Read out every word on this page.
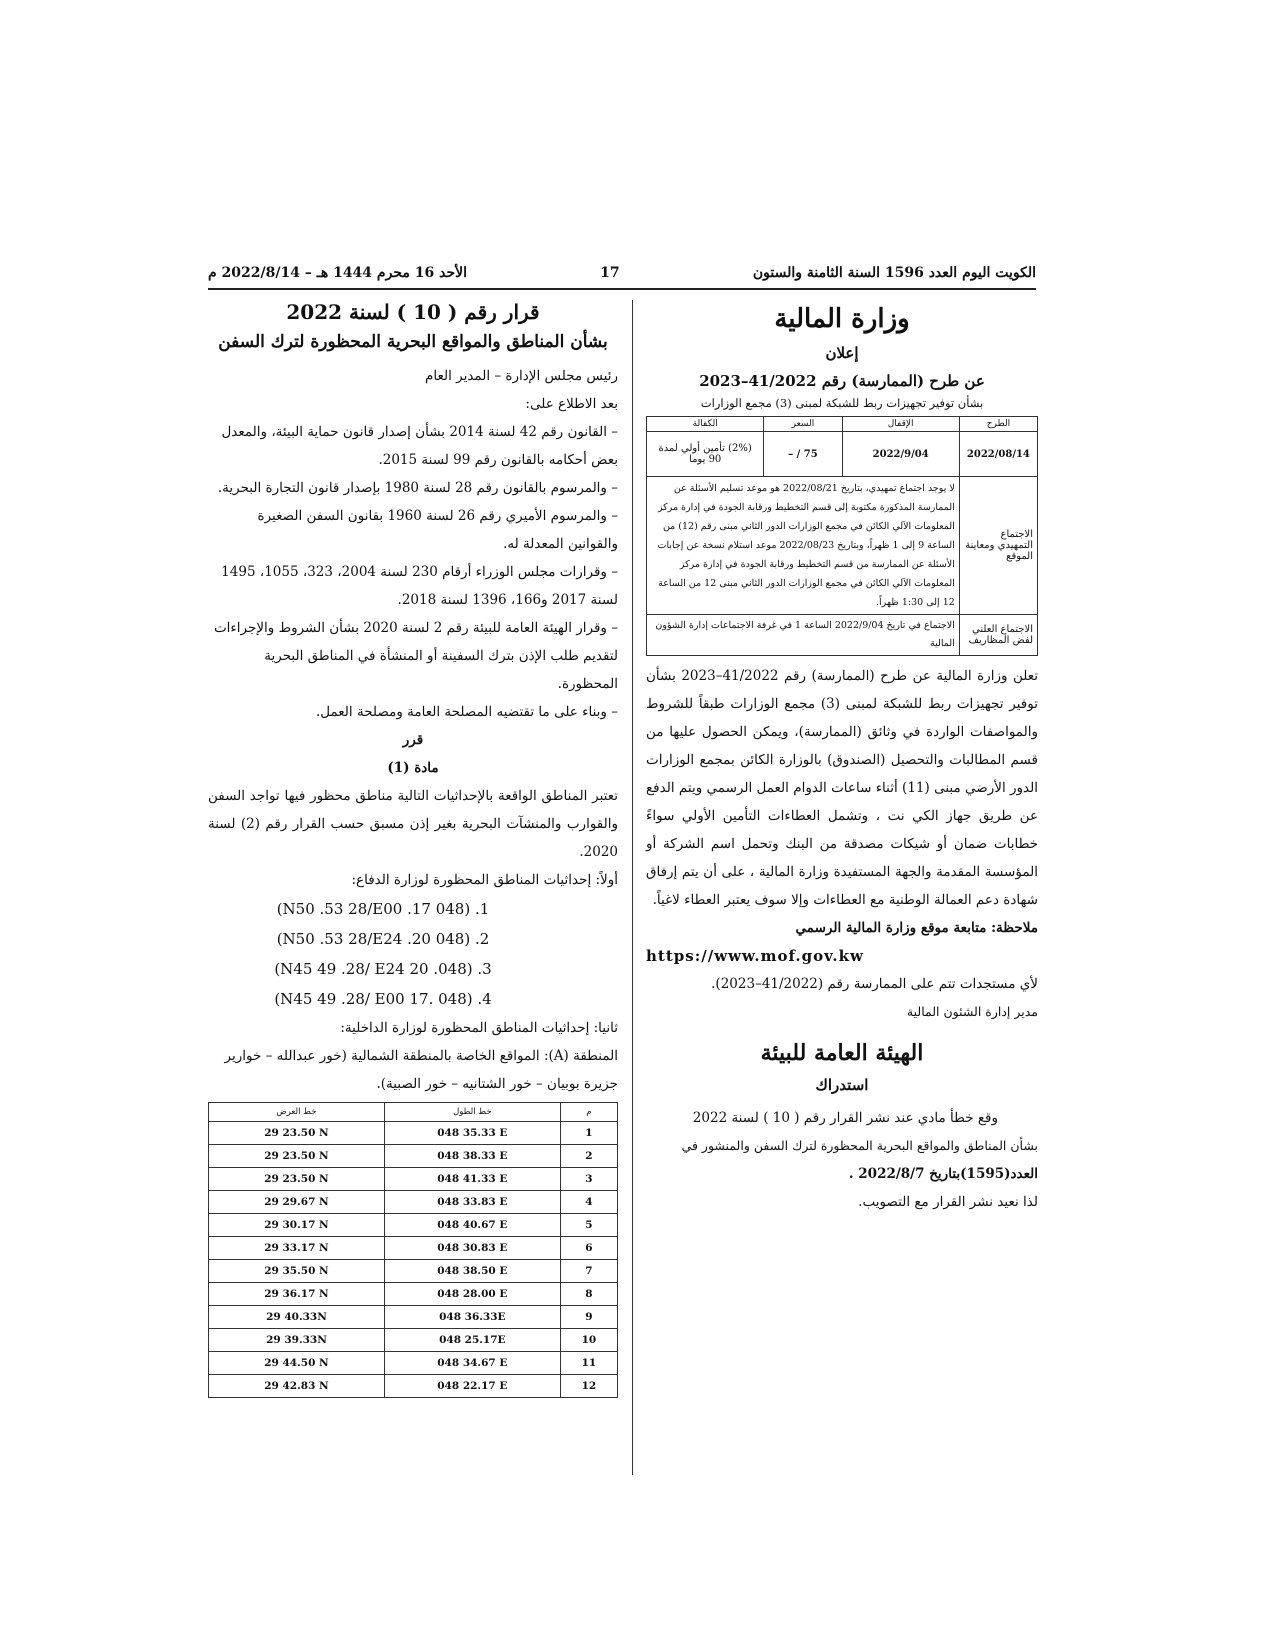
الكويت اليوم العدد 1596 السنة الثامنة والستون
17
الأحد 16 محرم 1444 هـ – 2022/8/14 م
وزارة المالية
إعلان
عن طرح (الممارسة) رقم 41/2022–2023
بشأن توفير تجهيزات ربط للشبكة لمبنى (3) مجمع الوزارات
الطرح	الإقفال	السعر	الكفالة
2022/08/14	2022/9/04	75 / –	(2%) تأمين أولي لمدة 90 يوما
الاجتماع التمهيدي ومعاينة الموقع	لا يوجد اجتماع تمهيدي، بتاريخ 2022/08/21 هو موعد تسليم الأسئلة عن الممارسة المذكورة مكتوبة إلى قسم التخطيط ورقابة الجودة في إدارة مركز المعلومات الآلي الكائن في مجمع الوزارات الدور الثاني مبنى رقم (12) من الساعة 9 إلى 1 ظهراً، وبتاريخ 2022/08/23 موعد استلام نسخة عن إجابات الأسئلة عن الممارسة من قسم التخطيط ورقابة الجودة في إدارة مركز المعلومات الآلي الكائن في مجمع الوزارات الدور الثاني مبنى 12 من الساعة 12 إلى 1:30 ظهراً.		
الاجتماع العلني لفض المظاريف	الاجتماع في تاريخ 2022/9/04 الساعة 1 في غرفة الاجتماعات إدارة الشؤون المالية		

تعلن وزارة المالية عن طرح (الممارسة) رقم 41/2022–2023 بشأن توفير تجهيزات ربط للشبكة لمبنى (3) مجمع الوزارات طبقاً للشروط والمواصفات الواردة في وثائق (الممارسة)، ويمكن الحصول عليها من قسم المطالبات والتحصيل (الصندوق) بالوزارة الكائن بمجمع الوزارات الدور الأرضي مبنى (11) أثناء ساعات الدوام العمل الرسمي ويتم الدفع عن طريق جهاز الكي نت ، وتشمل العطاءات التأمين الأولي سواءً خطابات ضمان أو شيكات مصدقة من البنك وتحمل اسم الشركة أو المؤسسة المقدمة والجهة المستفيدة وزارة المالية ، على أن يتم إرفاق شهادة دعم العمالة الوطنية مع العطاءات وإلا سوف يعتبر العطاء لاغياً.

ملاحظة: متابعة موقع وزارة المالية الرسمي

https://www.mof.gov.kw

لأي مستجدات تتم على الممارسة رقم (41/2022–2023).

مدير إدارة الشئون المالية

الهيئة العامة للبيئة
استدراك

وقع خطأ مادي عند نشر القرار رقم ( 10 ) لسنة 2022

بشأن المناطق والمواقع البحرية المحظورة لترك السفن والمنشور في

العدد(1595)بتاريخ 2022/8/7 .

لذا نعيد نشر القرار مع التصويب.

قرار رقم ( 10 ) لسنة 2022
بشأن المناطق والمواقع البحرية المحظورة لترك السفن

رئيس مجلس الإدارة – المدير العام

بعد الاطلاع على:

– القانون رقم 42 لسنة 2014 بشأن إصدار قانون حماية البيئة، والمعدل بعض أحكامه بالقانون رقم 99 لسنة 2015.

– والمرسوم بالقانون رقم 28 لسنة 1980 بإصدار قانون التجارة البحرية.

– والمرسوم الأميري رقم 26 لسنة 1960 بقانون السفن الصغيرة والقوانين المعدلة له.

– وقرارات مجلس الوزراء أرقام 230 لسنة 2004، 323، 1055، 1495 لسنة 2017 و166، 1396 لسنة 2018.

– وقرار الهيئة العامة للبيئة رقم 2 لسنة 2020 بشأن الشروط والإجراءات لتقديم طلب الإذن بترك السفينة أو المنشأة في المناطق البحرية المحظورة.

– وبناء على ما تقتضيه المصلحة العامة ومصلحة العمل.

قرر

مادة (1)

تعتبر المناطق الواقعة بالإحداثيات التالية مناطق محظور فيها تواجد السفن والقوارب والمنشآت البحرية بغير إذن مسبق حسب القرار رقم (2) لسنة 2020.

أولاً: إحداثيات المناطق المحظورة لوزارة الدفاع:

1. (N50 .53 28/E00 .17 048)

2. (N50 .53 28/E24 .20 048)

3. (N45 49 .28/ E24 20 .048)

4. (N45 49 .28/ E00 17. 048)

ثانيا: إحداثيات المناطق المحظورة لوزارة الداخلية:

المنطقة (A): المواقع الخاصة بالمنطقة الشمالية (خور عبدالله – خوارير جزيرة بوبيان – خور الشتانيه – خور الصبية).

م	خط الطول	خط العرض
1	048 35.33 E	29 23.50 N
2	048 38.33 E	29 23.50 N
3	048 41.33 E	29 23.50 N
4	048 33.83 E	29 29.67 N
5	048 40.67 E	29 30.17 N
6	048 30.83 E	29 33.17 N
7	048 38.50 E	29 35.50 N
8	048 28.00 E	29 36.17 N
9	048 36.33E	29 40.33N
10	048 25.17E	29 39.33N
11	048 34.67 E	29 44.50 N
12	048 22.17 E	29 42.83 N
